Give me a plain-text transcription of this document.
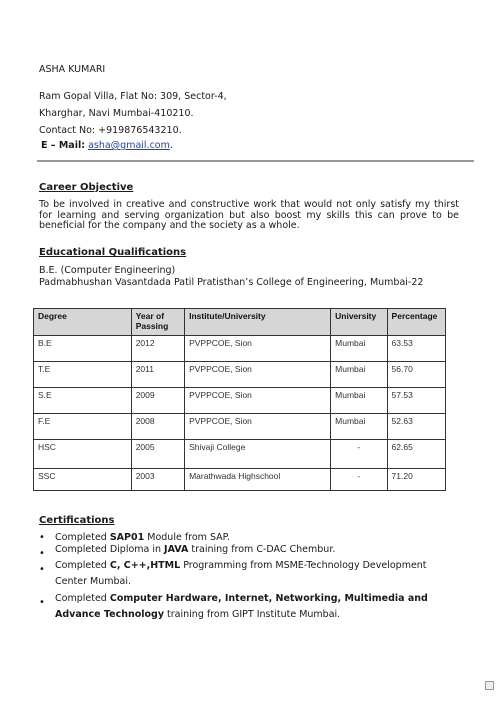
ASHA KUMARI
Ram Gopal Villa, Flat No: 309, Sector-4,
Kharghar, Navi Mumbai-410210.
Contact No: +919876543210.
E – Mail: asha@gmail.com.
Career Objective
To be involved in creative and constructive work that would not only satisfy my thirst for learning and serving organization but also boost my skills this can prove to be beneficial for the company and the society as a whole.
Educational Qualifications
B.E. (Computer Engineering)
Padmabhushan Vasantdada Patil Pratisthan’s College of Engineering, Mumbai-22
Degree	Year of Passing	Institute/University	University	Percentage
B.E	2012	PVPPCOE, Sion	Mumbai	63.53
T.E	2011	PVPPCOE, Sion	Mumbai	56.70
S.E	2009	PVPPCOE, Sion	Mumbai	57.53
F.E	2008	PVPPCOE, Sion	Mumbai	52.63
HSC	2005	Shivaji College	-	62.65
SSC	2003	Marathwada Highschool	-	71.20
Certifications
•
Completed SAP01 Module from SAP.
•
Completed Diploma in JAVA training from C-DAC Chembur.
•
Completed C, C++,HTML Programming from MSME-Technology Development Center Mumbai.
•
Completed Computer Hardware, Internet, Networking, Multimedia and Advance Technology training from GIPT Institute Mumbai.
